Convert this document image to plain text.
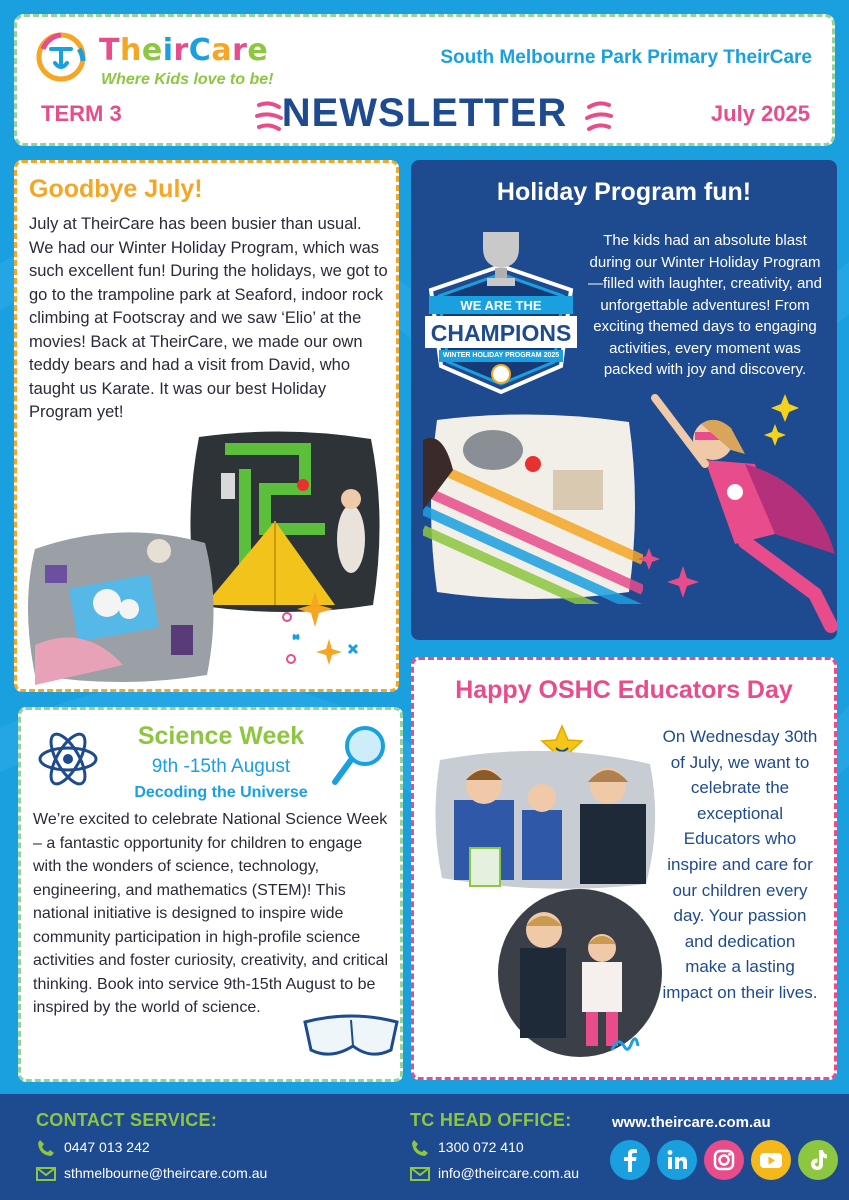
TheirCare
Where Kids love to be!
South Melbourne Park Primary TheirCare
TERM 3	NEWSLETTER	July 2025
Goodbye July!
July at TheirCare has been busier than usual. We had our Winter Holiday Program, which was such excellent fun! During the holidays, we got to go to the trampoline park at Seaford, indoor rock climbing at Footscray and we saw ‘Elio’ at the movies! Back at TheirCare, we made our own teddy bears and had a visit from David, who taught us Karate. It was our best Holiday Program yet!
Holiday Program fun!
WE ARE THE
CHAMPIONS
WINTER HOLIDAY PROGRAM 2025
The kids had an absolute blast during our Winter Holiday Program—filled with laughter, creativity, and unforgettable adventures! From exciting themed days to engaging activities, every moment was packed with joy and discovery.
Science Week
9th -15th August
Decoding the Universe
We’re excited to celebrate National Science Week – a fantastic opportunity for children to engage with the wonders of science, technology, engineering, and mathematics (STEM)! This national initiative is designed to inspire wide community participation in high-profile science activities and foster curiosity, creativity, and critical thinking. Book into service 9th-15th August to be inspired by the world of science.
Happy OSHC Educators Day
On Wednesday 30th of July, we want to celebrate the exceptional Educators who inspire and care for our children every day. Your passion and dedication make a lasting impact on their lives.
CONTACT SERVICE:
0447 013 242
sthmelbourne@theircare.com.au
TC HEAD OFFICE:
1300 072 410
info@theircare.com.au
www.theircare.com.au
